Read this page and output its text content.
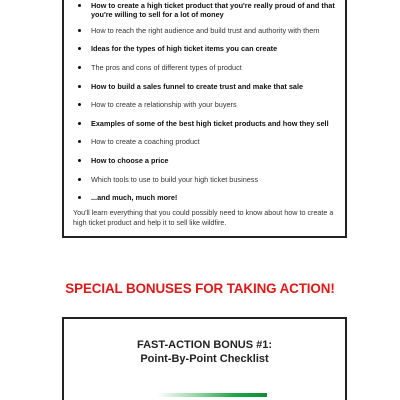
How to create a high ticket product that you're really proud of and that you're willing to sell for a lot of money
How to reach the right audience and build trust and authority with them
Ideas for the types of high ticket items you can create
The pros and cons of different types of product
How to build a sales funnel to create trust and make that sale
How to create a relationship with your buyers
Examples of some of the best high ticket products and how they sell
How to create a coaching product
How to choose a price
Which tools to use to build your high ticket business
...and much, much more!

You'll learn everything that you could possibly need to know about how to create a high ticket product and help it to sell like wildfire.

SPECIAL BONUSES FOR TAKING ACTION!
FAST-ACTION BONUS #1:
Point-By-Point Checklist
